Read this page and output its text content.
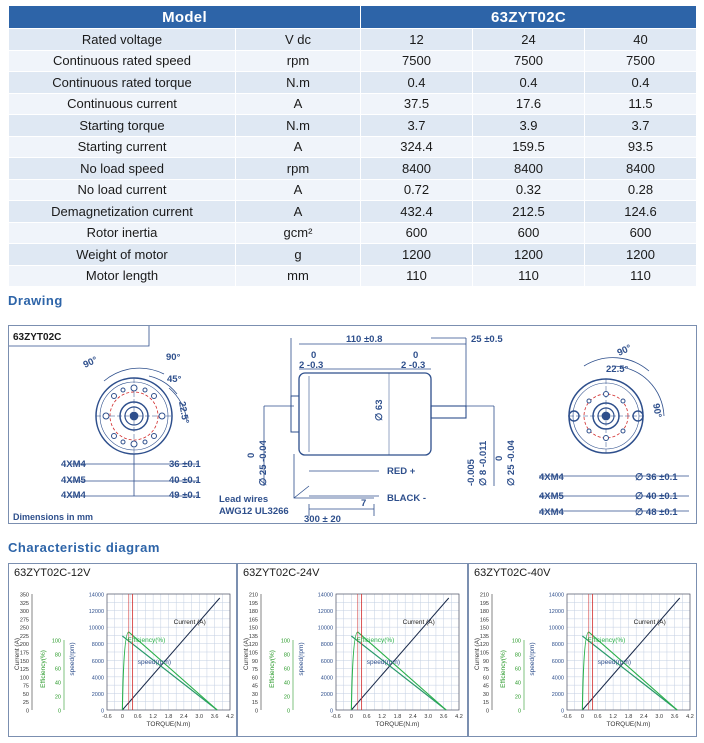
Model		63ZYT02C		
Rated voltage	V dc	12	24	40
Continuous rated speed	rpm	7500	7500	7500
Continuous rated torque	N.m	0.4	0.4	0.4
Continuous current	A	37.5	17.6	11.5
Starting torque	N.m	3.7	3.9	3.7
Starting current	A	324.4	159.5	93.5
No load speed	rpm	8400	8400	8400
No load current	A	0.72	0.32	0.28
Demagnetization current	A	432.4	212.5	124.6
Rotor inertia	gcm²	600	600	600
Weight of motor	g	1200	1200	1200
Motor length	mm	110	110	110
Drawing
63ZYT02C
90°	90°
45°
22.5°
4XM4
4XM5
4XM4
36 ±0.1
40 ±0.1
49 ±0.1
Dimensions in mm
110 ±0.8	25 ±0.5
0
2 -0.3
0
2 -0.3
∅ 63
0 ∅ 25 -0.04	-0.005 ∅ 8 -0.011 0 ∅ 25 -0.04
RED +
BLACK -
Lead wires
AWG12 UL3266
7
300 ± 20
90°
22.5°
90°
4XM4
4XM5
4XM4
∅ 36 ±0.1
∅ 40 ±0.1
∅ 48 ±0.1
Characteristic diagram
63ZYT02C-12V
0
25
50
75
100
125
150
175
200
225
250
275
300
325
350
0
20
40
60
80
100
0
2000
4000
6000
8000
10000
12000
14000
-0.6 0 0.6 1.2 1.8 2.4 3.0 3.6 4.2
TORQUE(N.m)
Current (A)	Efficiency(%)	speed(rpm)
Current (A)
Efficiency(%)
speed(rpm)
63ZYT02C-24V
0
15
30
45
60
75
90
105
120
135
150
165
180
195
210
0
20
40
60
80
100
0
2000
4000
6000
8000
10000
12000
14000
-0.6 0 0.6 1.2 1.8 2.4 3.0 3.6 4.2
TORQUE(N.m)
Current (A)	Efficiency(%)	speed(rpm)
Current (A)
Efficiency(%)
speed(rpm)
63ZYT02C-40V
0
15
30
45
60
75
90
105
120
135
150
165
180
195
210
0
20
40
60
80
100
0
2000
4000
6000
8000
10000
12000
14000
-0.6 0 0.6 1.2 1.8 2.4 3.0 3.6 4.2
TORQUE(N.m)
Current (A)	Efficiency(%)	speed(rpm)
Current (A)
Efficiency(%)
speed(rpm)
